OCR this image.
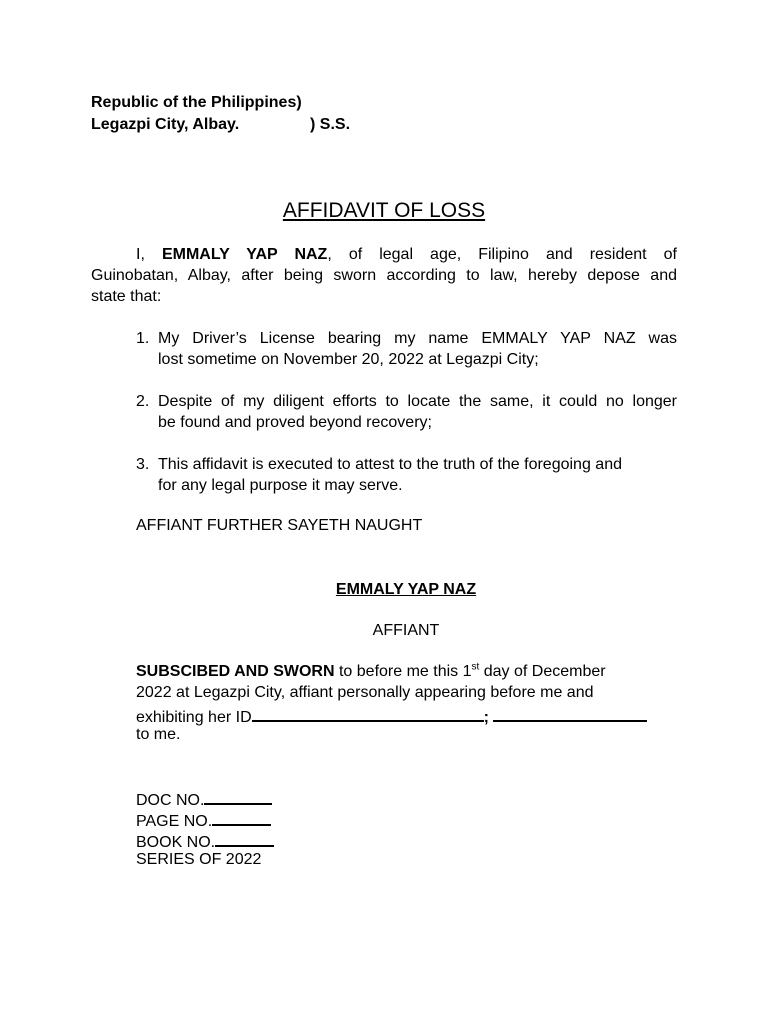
Republic of the Philippines)
Legazpi City, Albay.	) S.S.
AFFIDAVIT OF LOSS
I, EMMALY YAP NAZ, of legal age, Filipino and resident of
Guinobatan, Albay, after being sworn according to law, hereby depose and
state that:
1. My Driver’s License bearing my name EMMALY YAP NAZ was
lost sometime on November 20, 2022 at Legazpi City;
2. Despite of my diligent efforts to locate the same, it could no longer
be found and proved beyond recovery;
3. This affidavit is executed to attest to the truth of the foregoing and
for any legal purpose it may serve.
AFFIANT FURTHER SAYETH NAUGHT
EMMALY YAP NAZ
AFFIANT
SUBSCIBED AND SWORN to before me this 1st day of December
2022 at Legazpi City, affiant personally appearing before me and
exhibiting her ID	;
to me.
DOC NO.
PAGE NO.
BOOK NO.
SERIES OF 2022
